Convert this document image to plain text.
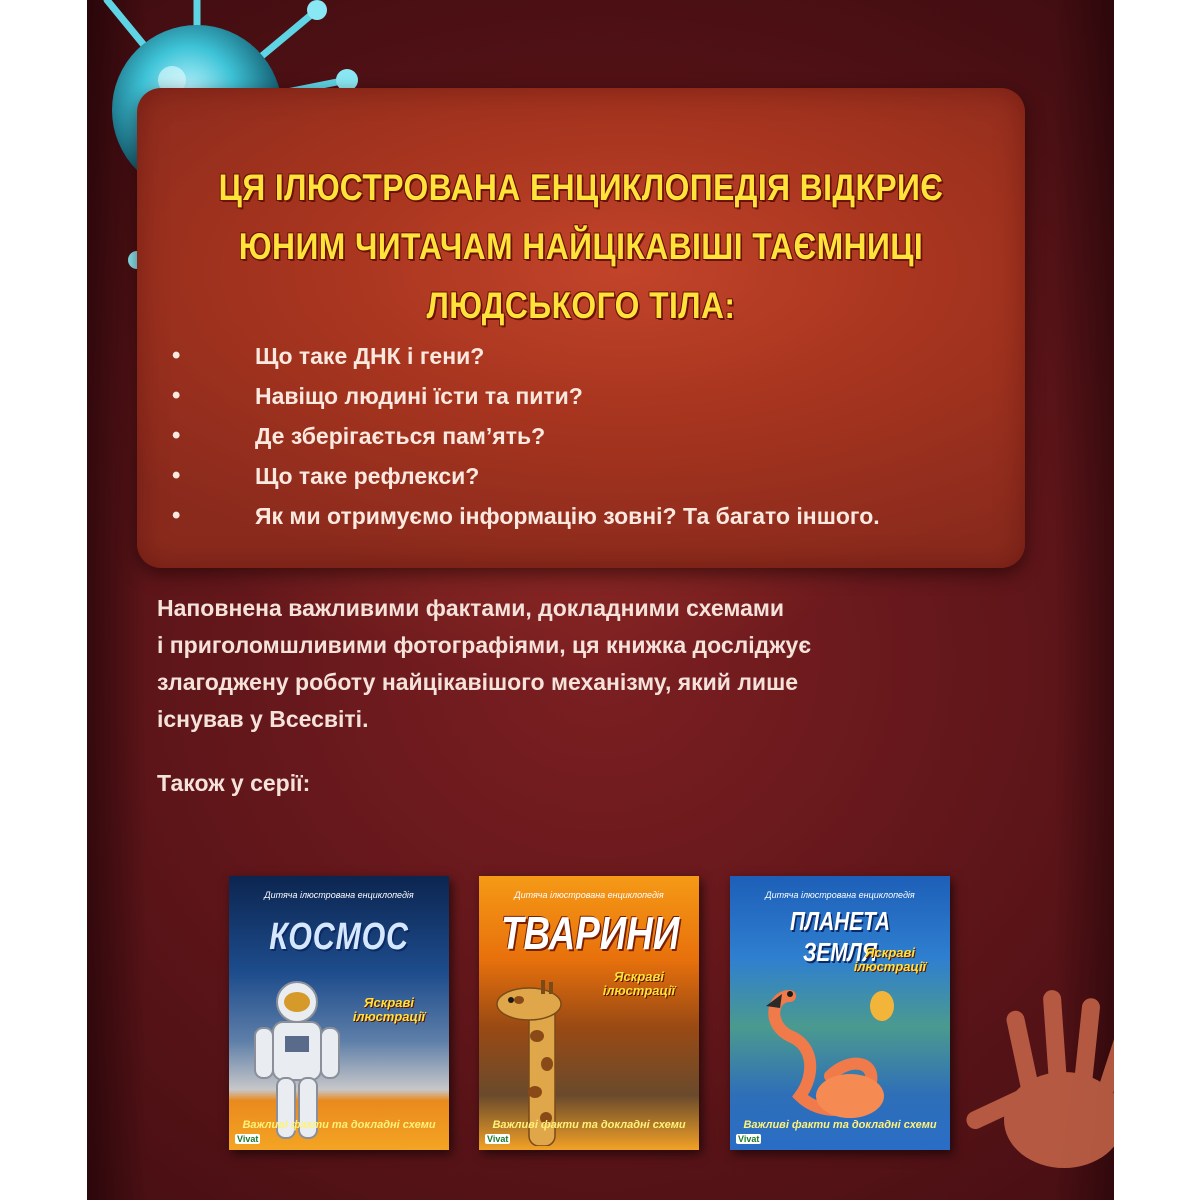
ЦЯ ІЛЮСТРОВАНА ЕНЦИКЛОПЕДІЯ ВІДКРИЄ
ЮНИМ ЧИТАЧАМ НАЙЦІКАВІШІ ТАЄМНИЦІ
ЛЮДСЬКОГО ТІЛА:
•	Що таке ДНК і гени?
•	Навіщо людині їсти та пити?
•	Де зберігається пам’ять?
•	Що таке рефлекси?
•	Як ми отримуємо інформацію зовні? Та багато іншого.

Наповнена важливими фактами, докладними схемами
і приголомшливими фотографіями, ця книжка досліджує
злагоджену роботу найцікавішого механізму, який лише
існував у Всесвіті.

Також у серії:
Дитяча ілюстрована енциклопедія
КОСМОС
Яскраві ілюстрації
Важливі факти та докладні схеми
Vivat
Дитяча ілюстрована енциклопедія
ТВАРИНИ
Яскраві ілюстрації
Важливі факти та докладні схеми
Vivat
Дитяча ілюстрована енциклопедія
ПЛАНЕТА ЗЕМЛЯ
Яскраві ілюстрації
Важливі факти та докладні схеми
Vivat
